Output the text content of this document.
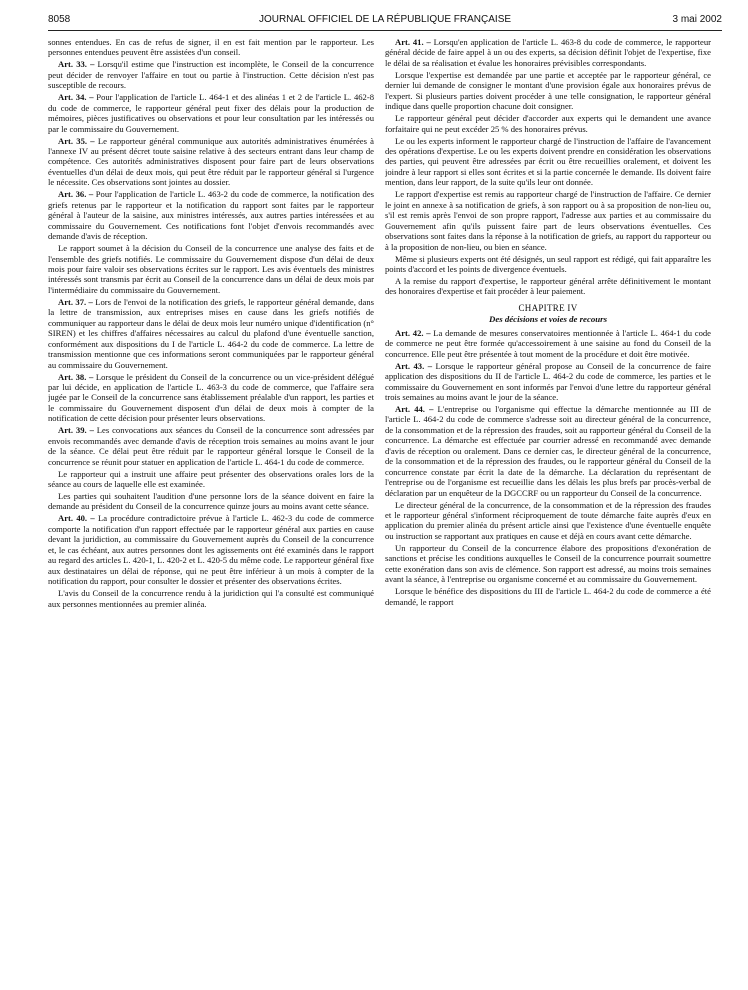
8058	JOURNAL OFFICIEL DE LA RÉPUBLIQUE FRANÇAISE	3 mai 2002

sonnes entendues. En cas de refus de signer, il en est fait mention par le rapporteur. Les personnes entendues peuvent être assistées d'un conseil.

Art. 33. – Lorsqu'il estime que l'instruction est incomplète, le Conseil de la concurrence peut décider de renvoyer l'affaire en tout ou partie à l'instruction. Cette décision n'est pas susceptible de recours.

Art. 34. – Pour l'application de l'article L. 464-1 et des alinéas 1 et 2 de l'article L. 462-8 du code de commerce, le rapporteur général peut fixer des délais pour la production de mémoires, pièces justificatives ou observations et pour leur consultation par les intéressés ou par le commissaire du Gouvernement.

Art. 35. – Le rapporteur général communique aux autorités administratives énumérées à l'annexe IV au présent décret toute saisine relative à des secteurs entrant dans leur champ de compétence. Ces autorités administratives disposent pour faire part de leurs observations éventuelles d'un délai de deux mois, qui peut être réduit par le rapporteur général si l'urgence le nécessite. Ces observations sont jointes au dossier.

Art. 36. – Pour l'application de l'article L. 463-2 du code de commerce, la notification des griefs retenus par le rapporteur et la notification du rapport sont faites par le rapporteur général à l'auteur de la saisine, aux ministres intéressés, aux autres parties intéressées et au commissaire du Gouvernement. Ces notifications font l'objet d'envois recommandés avec demande d'avis de réception.

Le rapport soumet à la décision du Conseil de la concurrence une analyse des faits et de l'ensemble des griefs notifiés. Le commissaire du Gouvernement dispose d'un délai de deux mois pour faire valoir ses observations écrites sur le rapport. Les avis éventuels des ministres intéressés sont transmis par écrit au Conseil de la concurrence dans un délai de deux mois par l'intermédiaire du commissaire du Gouvernement.

Art. 37. – Lors de l'envoi de la notification des griefs, le rapporteur général demande, dans la lettre de transmission, aux entreprises mises en cause dans les griefs notifiés de communiquer au rapporteur dans le délai de deux mois leur numéro unique d'identification (n° SIREN) et les chiffres d'affaires nécessaires au calcul du plafond d'une éventuelle sanction, conformément aux dispositions du I de l'article L. 464-2 du code de commerce. La lettre de transmission mentionne que ces informations seront communiquées par le rapporteur général au commissaire du Gouvernement.

Art. 38. – Lorsque le président du Conseil de la concurrence ou un vice-président délégué par lui décide, en application de l'article L. 463-3 du code de commerce, que l'affaire sera jugée par le Conseil de la concurrence sans établissement préalable d'un rapport, les parties et le commissaire du Gouvernement disposent d'un délai de deux mois à compter de la notification de cette décision pour présenter leurs observations.

Art. 39. – Les convocations aux séances du Conseil de la concurrence sont adressées par envois recommandés avec demande d'avis de réception trois semaines au moins avant le jour de la séance. Ce délai peut être réduit par le rapporteur général lorsque le Conseil de la concurrence se réunit pour statuer en application de l'article L. 464-1 du code de commerce.

Le rapporteur qui a instruit une affaire peut présenter des observations orales lors de la séance au cours de laquelle elle est examinée.

Les parties qui souhaitent l'audition d'une personne lors de la séance doivent en faire la demande au président du Conseil de la concurrence quinze jours au moins avant cette séance.

Art. 40. – La procédure contradictoire prévue à l'article L. 462-3 du code de commerce comporte la notification d'un rapport effectuée par le rapporteur général aux parties en cause devant la juridiction, au commissaire du Gouvernement auprès du Conseil de la concurrence et, le cas échéant, aux autres personnes dont les agissements ont été examinés dans le rapport au regard des articles L. 420-1, L. 420-2 et L. 420-5 du même code. Le rapporteur général fixe aux destinataires un délai de réponse, qui ne peut être inférieur à un mois à compter de la notification du rapport, pour consulter le dossier et présenter des observations écrites.

L'avis du Conseil de la concurrence rendu à la juridiction qui l'a consulté est communiqué aux personnes mentionnées au premier alinéa.

Art. 41. – Lorsqu'en application de l'article L. 463-8 du code de commerce, le rapporteur général décide de faire appel à un ou des experts, sa décision définit l'objet de l'expertise, fixe le délai de sa réalisation et évalue les honoraires prévisibles correspondants.

Lorsque l'expertise est demandée par une partie et acceptée par le rapporteur général, ce dernier lui demande de consigner le montant d'une provision égale aux honoraires prévus de l'expert. Si plusieurs parties doivent procéder à une telle consignation, le rapporteur général indique dans quelle proportion chacune doit consigner.

Le rapporteur général peut décider d'accorder aux experts qui le demandent une avance forfaitaire qui ne peut excéder 25 % des honoraires prévus.

Le ou les experts informent le rapporteur chargé de l'instruction de l'affaire de l'avancement des opérations d'expertise. Le ou les experts doivent prendre en considération les observations des parties, qui peuvent être adressées par écrit ou être recueillies oralement, et doivent les joindre à leur rapport si elles sont écrites et si la partie concernée le demande. Ils doivent faire mention, dans leur rapport, de la suite qu'ils leur ont donnée.

Le rapport d'expertise est remis au rapporteur chargé de l'instruction de l'affaire. Ce dernier le joint en annexe à sa notification de griefs, à son rapport ou à sa proposition de non-lieu ou, s'il est remis après l'envoi de son propre rapport, l'adresse aux parties et au commissaire du Gouvernement afin qu'ils puissent faire part de leurs observations éventuelles. Ces observations sont faites dans la réponse à la notification de griefs, au rapport du rapporteur ou à la proposition de non-lieu, ou bien en séance.

Même si plusieurs experts ont été désignés, un seul rapport est rédigé, qui fait apparaître les points d'accord et les points de divergence éventuels.

A la remise du rapport d'expertise, le rapporteur général arrête définitivement le montant des honoraires d'expertise et fait procéder à leur paiement.

CHAPITRE IV
Des décisions et voies de recours

Art. 42. – La demande de mesures conservatoires mentionnée à l'article L. 464-1 du code de commerce ne peut être formée qu'accessoirement à une saisine au fond du Conseil de la concurrence. Elle peut être présentée à tout moment de la procédure et doit être motivée.

Art. 43. – Lorsque le rapporteur général propose au Conseil de la concurrence de faire application des dispositions du II de l'article L. 464-2 du code de commerce, les parties et le commissaire du Gouvernement en sont informés par l'envoi d'une lettre du rapporteur général trois semaines au moins avant le jour de la séance.

Art. 44. – L'entreprise ou l'organisme qui effectue la démarche mentionnée au III de l'article L. 464-2 du code de commerce s'adresse soit au directeur général de la concurrence, de la consommation et de la répression des fraudes, soit au rapporteur général du Conseil de la concurrence. La démarche est effectuée par courrier adressé en recommandé avec demande d'avis de réception ou oralement. Dans ce dernier cas, le directeur général de la concurrence, de la consommation et de la répression des fraudes, ou le rapporteur général du Conseil de la concurrence constate par écrit la date de la démarche. La déclaration du représentant de l'entreprise ou de l'organisme est recueillie dans les délais les plus brefs par procès-verbal de déclaration par un enquêteur de la DGCCRF ou un rapporteur du Conseil de la concurrence.

Le directeur général de la concurrence, de la consommation et de la répression des fraudes et le rapporteur général s'informent réciproquement de toute démarche faite auprès d'eux en application du premier alinéa du présent article ainsi que l'existence d'une éventuelle enquête ou instruction se rapportant aux pratiques en cause et déjà en cours avant cette démarche.

Un rapporteur du Conseil de la concurrence élabore des propositions d'exonération de sanctions et précise les conditions auxquelles le Conseil de la concurrence pourrait soumettre cette exonération dans son avis de clémence. Son rapport est adressé, au moins trois semaines avant la séance, à l'entreprise ou organisme concerné et au commissaire du Gouvernement.

Lorsque le bénéfice des dispositions du III de l'article L. 464-2 du code de commerce a été demandé, le rapport
